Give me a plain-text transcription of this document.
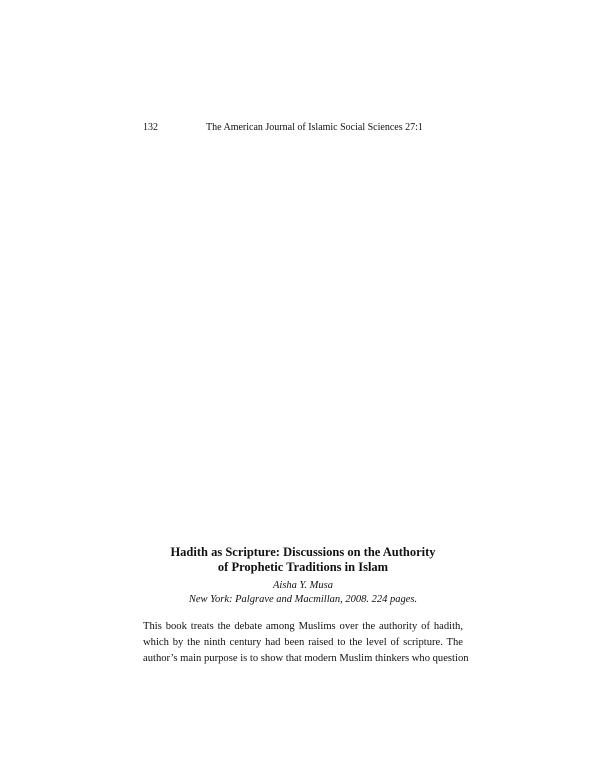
132	The American Journal of Islamic Social Sciences 27:1
Hadith as Scripture: Discussions on the Authority
of Prophetic Traditions in Islam
Aisha Y. Musa
New York: Palgrave and Macmillan, 2008. 224 pages.
This book treats the debate among Muslims over the authority of hadith,
which by the ninth century had been raised to the level of scripture. The
author’s main purpose is to show that modern Muslim thinkers who question
